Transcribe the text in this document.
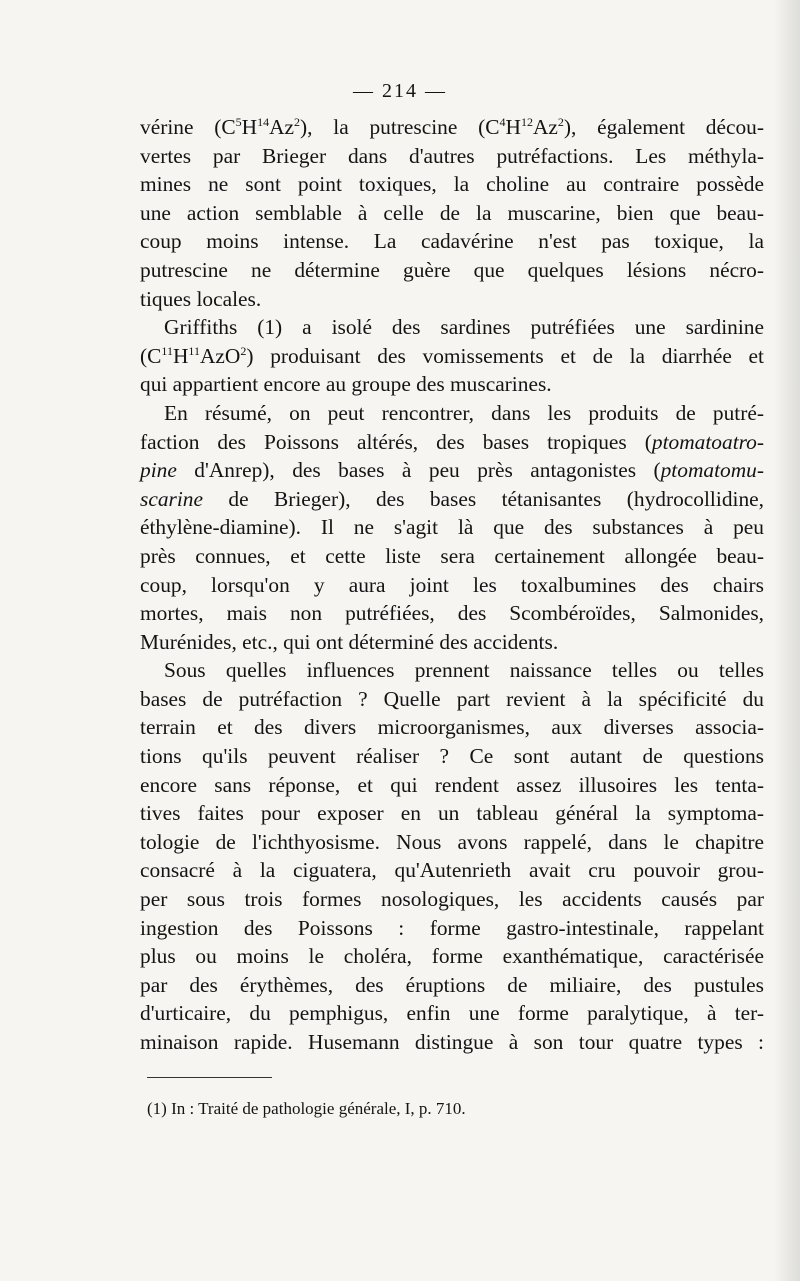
— 214 —
vérine $(C^5H^{14}Az^2)$, la putrescine $(C^4H^{12}Az^2)$, également décou-
vertes par Brieger dans d'autres putréfactions. Les méthyla-
mines ne sont point toxiques, la choline au contraire possède
une action semblable à celle de la muscarine, bien que beau-
coup moins intense. La cadavérine n'est pas toxique, la
putrescine ne détermine guère que quelques lésions nécro-
tiques locales.
Griffiths (1) a isolé des sardines putréfiées une sardinine
$(C^{11}H^{11}AzO^2)$ produisant des vomissements et de la diarrhée et
qui appartient encore au groupe des muscarines.
En résumé, on peut rencontrer, dans les produits de putré-
faction des Poissons altérés, des bases tropiques (ptomatoatro-
pine d'Anrep), des bases à peu près antagonistes (ptomatomu-
scarine de Brieger), des bases tétanisantes (hydrocollidine,
éthylène-diamine). Il ne s'agit là que des substances à peu
près connues, et cette liste sera certainement allongée beau-
coup, lorsqu'on y aura joint les toxalbumines des chairs
mortes, mais non putréfiées, des Scombéroïdes, Salmonides,
Murénides, etc., qui ont déterminé des accidents.
Sous quelles influences prennent naissance telles ou telles
bases de putréfaction ? Quelle part revient à la spécificité du
terrain et des divers microorganismes, aux diverses associa-
tions qu'ils peuvent réaliser ? Ce sont autant de questions
encore sans réponse, et qui rendent assez illusoires les tenta-
tives faites pour exposer en un tableau général la symptoma-
tologie de l'ichthyosisme. Nous avons rappelé, dans le chapitre
consacré à la ciguatera, qu'Autenrieth avait cru pouvoir grou-
per sous trois formes nosologiques, les accidents causés par
ingestion des Poissons : forme gastro-intestinale, rappelant
plus ou moins le choléra, forme exanthématique, caractérisée
par des érythèmes, des éruptions de miliaire, des pustules
d'urticaire, du pemphigus, enfin une forme paralytique, à ter-
minaison rapide. Husemann distingue à son tour quatre types :
(1) In : Traité de pathologie générale, I, p. 710.
